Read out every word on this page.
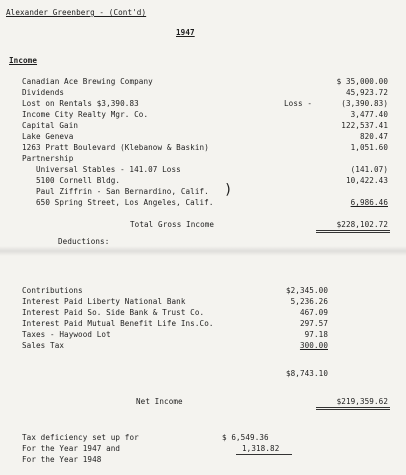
Alexander Greenberg - (Cont'd)
1947
Income
Canadian Ace Brewing Company	$ 35,000.00
Dividends	45,923.72
Lost on Rentals $3,390.83	Loss -	(3,390.83)
Income City Realty Mgr. Co.	3,477.40
Capital Gain	122,537.41
Lake Geneva	820.47
1263 Pratt Boulevard (Klebanow & Baskin)	1,051.60
Partnership
Universal Stables - 141.07 Loss	(141.07)
5100 Cornell Bldg.	10,422.43
Paul Ziffrin - San Bernardino, Calif. )
650 Spring Street, Los Angeles, Calif.	6,986.46
Total Gross Income	$228,102.72
Deductions:
Contributions	$2,345.00
Interest Paid Liberty National Bank	5,236.26
Interest Paid So. Side Bank & Trust Co.	467.09
Interest Paid Mutual Benefit Life Ins.Co.	297.57
Taxes - Haywood Lot	97.18
Sales Tax	300.00
$8,743.10
Net Income	$219,359.62
Tax deficiency set up for	$ 6,549.36
For the Year 1947 and	1,318.82
For the Year 1948
